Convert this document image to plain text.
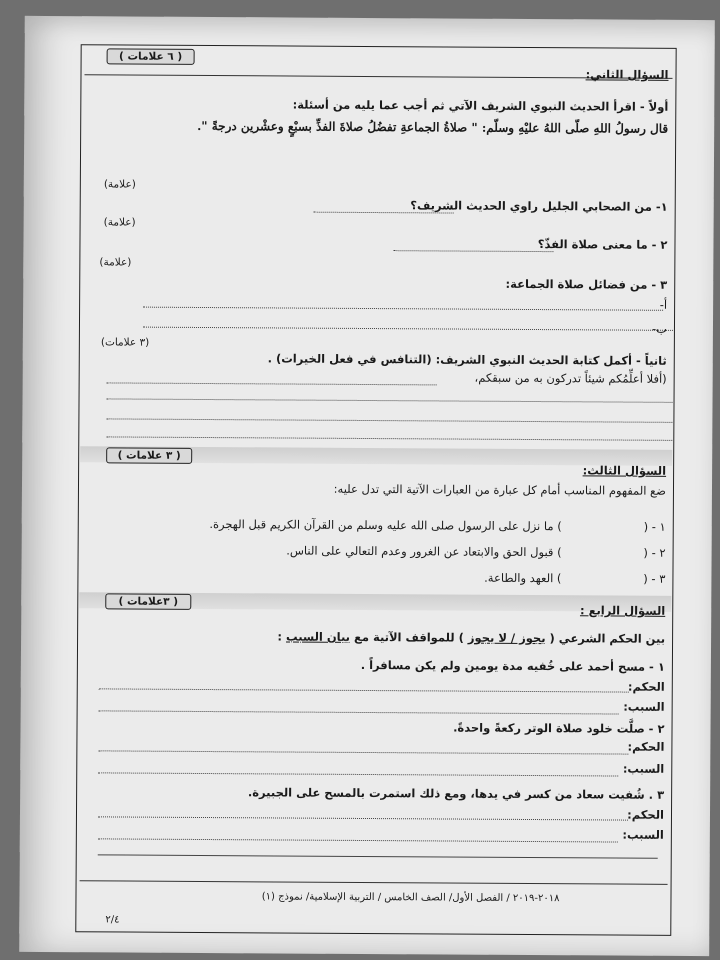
( ٦ علامات )
السؤال الثاني:
أولاً - اقرأ الحديث النبوي الشريف الآتي ثم أجب عما يليه من أسئلة:
قال رسولُ اللهِ صلّى اللهُ عليْهِ وسلّم: " صلاةُ الجماعةِ تفضُلُ صلاةَ الفذِّ بسبْعٍ وعشْرين درجةً ".
(علامة)
١- من الصحابي الجليل راوي الحديث الشريف؟
(علامة)
٢ - ما معنى صلاة الفذّ؟
(علامة)
٣ - من فضائل صلاة الجماعة:
أ-
ب-
(٣ علامات)
ثانياً - أكمل كتابة الحديث النبوي الشريف: (التنافس في فعل الخيرات) .
(أفلا أعلِّمُكم شيئاً تدركون به من سبقكم،
( ٣ علامات )
السؤال الثالث:
ضع المفهوم المناسب أمام كل عبارة من العبارات الآتية التي تدل عليه:
١ - (
) ما نزل على الرسول صلى الله عليه وسلم من القرآن الكريم قبل الهجرة.
٢ - (
) قبول الحق والابتعاد عن الغرور وعدم التعالي على الناس.
٣ - (
) العهد والطاعة.
( ٣علامات )
السؤال الرابع :
بين الحكم الشرعي ( يجوز / لا يجوز ) للمواقف الآتية مع بيان السبب :
١ - مسح أحمد على خُفيه مدة يومين ولم يكن مسافراً .
الحكم:
السبب:
٢ - صلَّت خلود صلاة الوتر ركعةً واحدةً.
الحكم:
السبب:
٣ . شُفيت سعاد من كسر في يدها، ومع ذلك استمرت بالمسح على الجبيرة.
الحكم:
السبب:
٢٠١٨-٢٠١٩ / الفصل الأول/ الصف الخامس / التربية الإسلامية/ نموذج (١)
٢/٤
